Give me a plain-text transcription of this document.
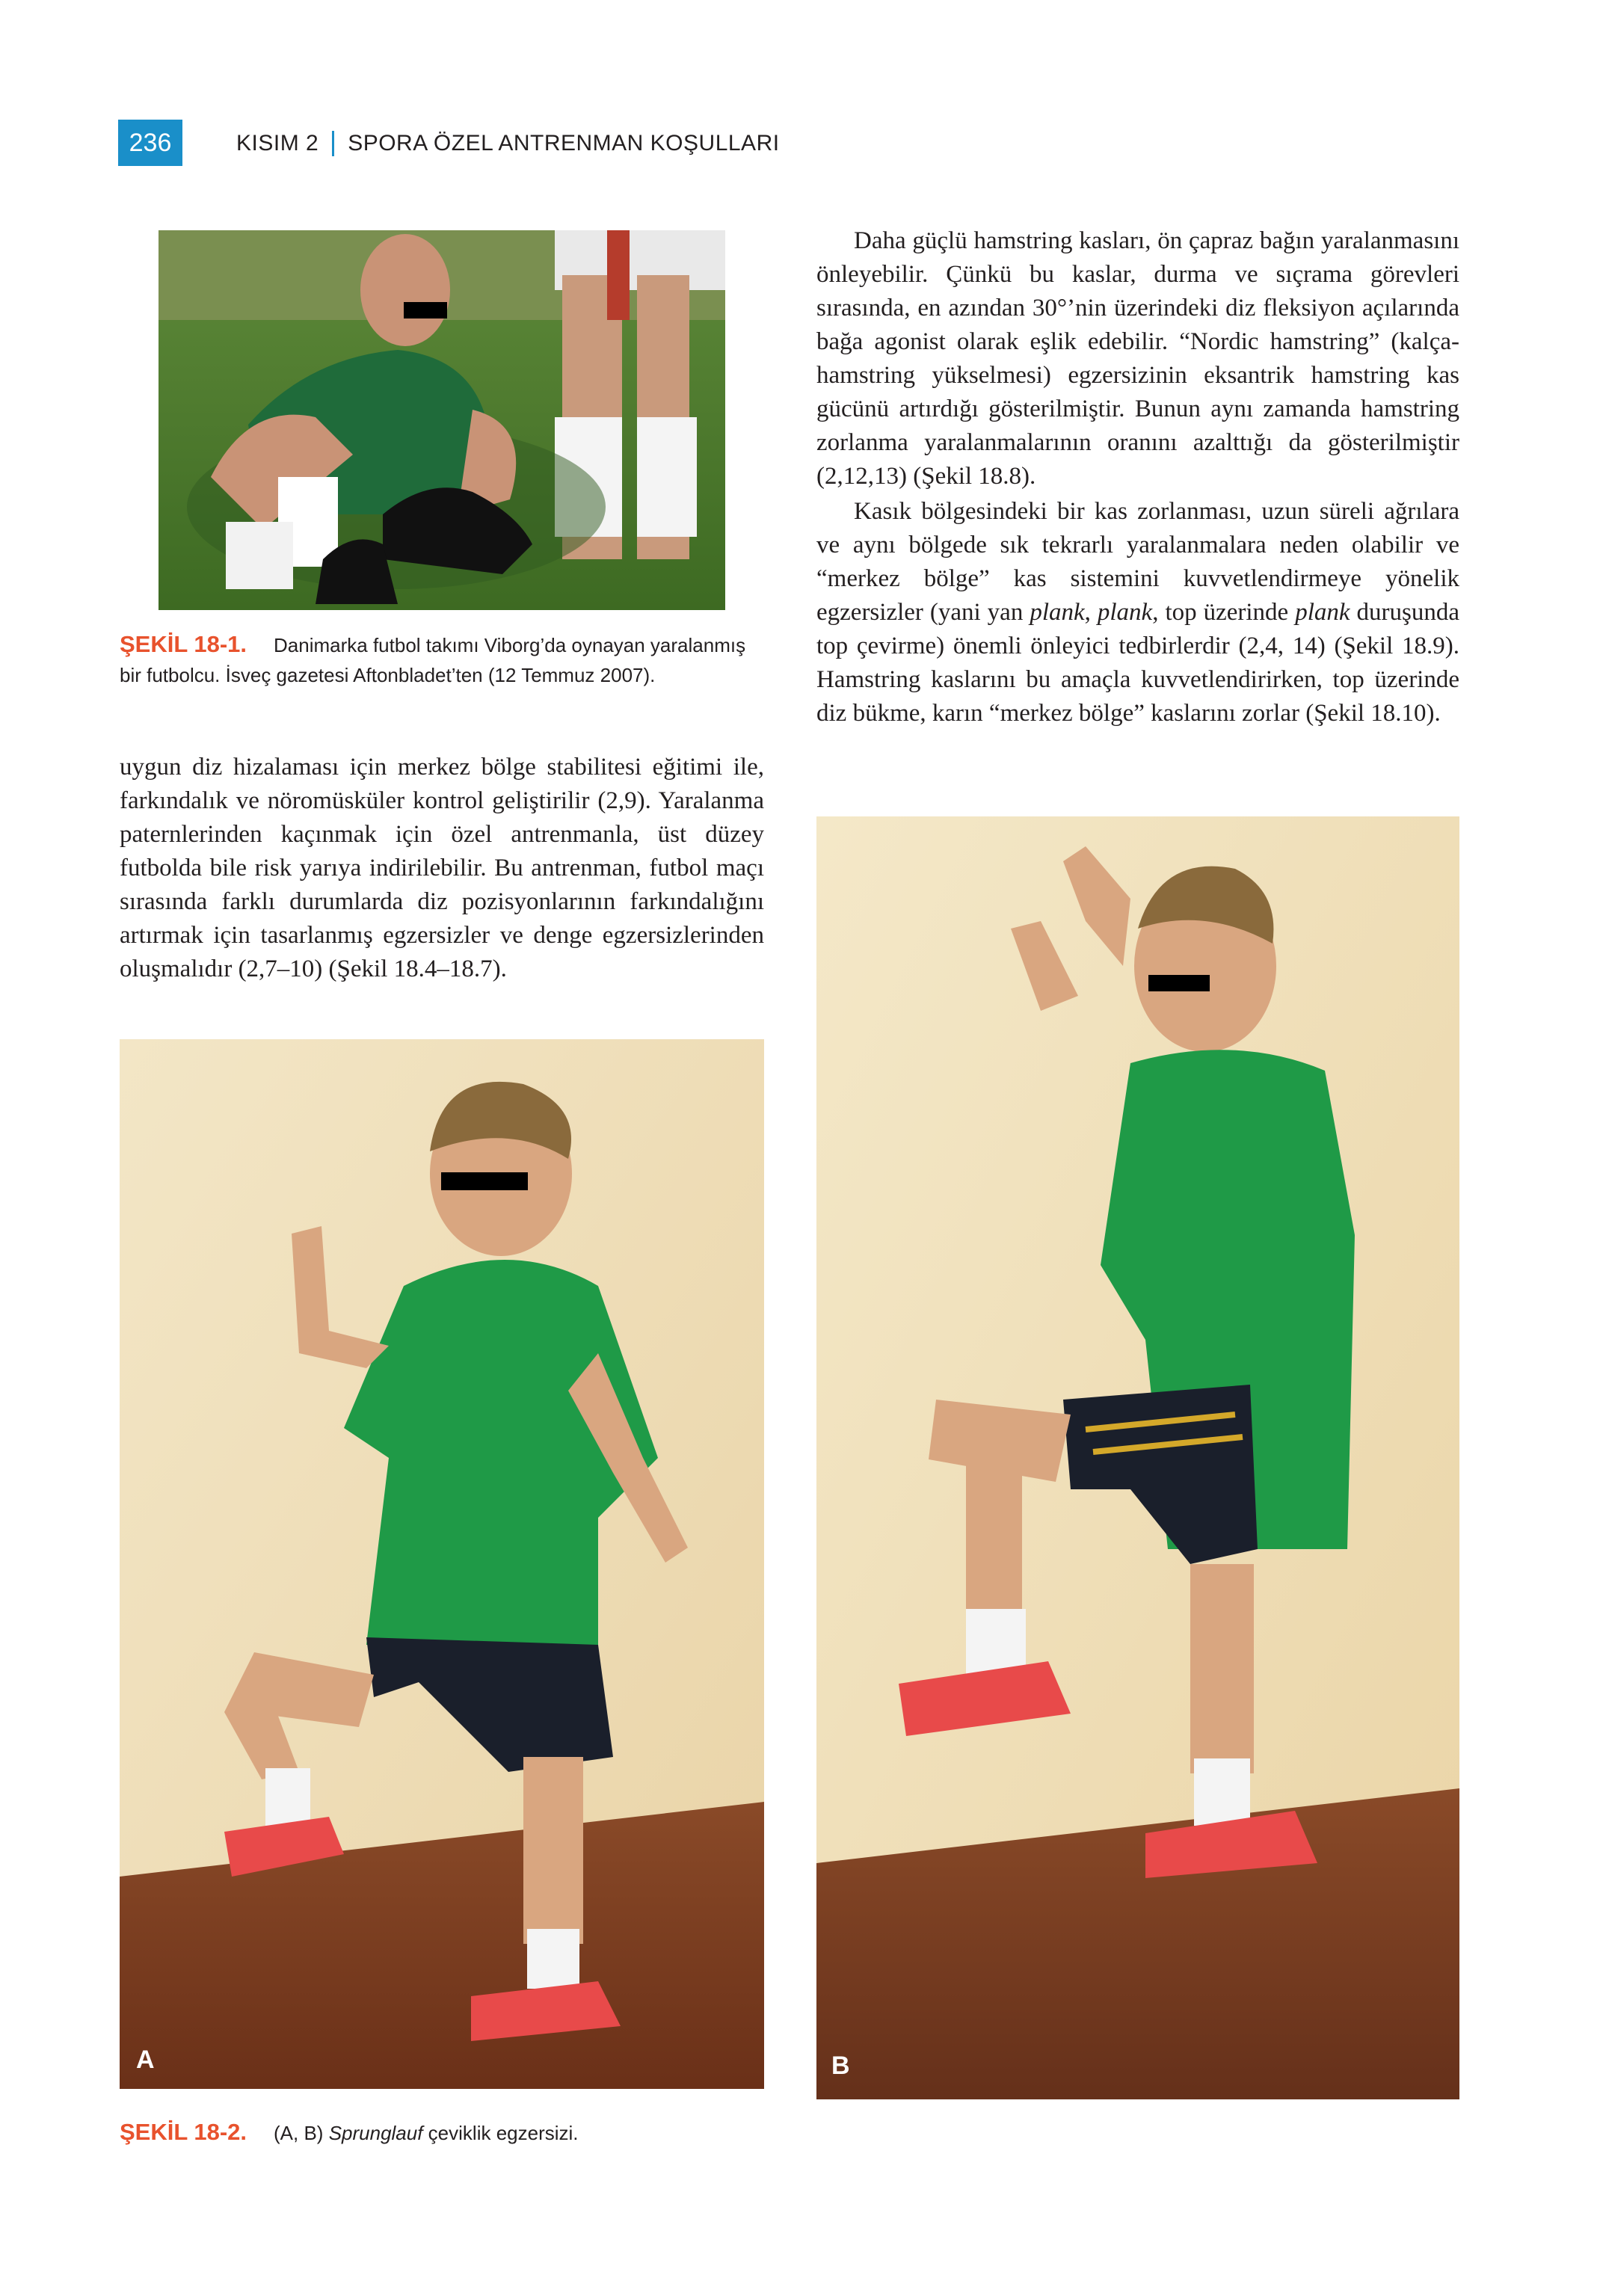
236	KISIM 2 SPORA ÖZEL ANTRENMAN KOŞULLARI
ŞEKİL 18-1. Danimarka futbol takımı Viborg’da oynayan yaralanmış bir futbolcu. İsveç gazetesi Aftonbladet’ten (12 Temmuz 2007).

uygun diz hizalaması için merkez bölge stabilitesi eğitimi ile, farkındalık ve nöromüsküler kontrol geliştirilir (2,9). Yaralanma paternlerinden kaçınmak için özel antrenmanla, üst düzey futbolda bile risk yarıya indirilebilir. Bu antrenman, futbol maçı sırasında farklı durumlarda diz pozisyonlarının farkındalığını artırmak için tasarlanmış egzersizler ve denge egzersizlerinden oluşmalıdır (2,7–10) (Şekil 18.4–18.7).

Daha güçlü hamstring kasları, ön çapraz bağın yaralanmasını önleyebilir. Çünkü bu kaslar, durma ve sıçrama görevleri sırasında, en azından 30°’nin üzerindeki diz fleksiyon açılarında bağa agonist olarak eşlik edebilir. “Nordic hamstring” (kalça-hamstring yükselmesi) egzersizinin eksantrik hamstring kas gücünü artırdığı gösterilmiştir. Bunun aynı zamanda hamstring zorlanma yaralanmalarının oranını azalttığı da gösterilmiştir (2,12,13) (Şekil 18.8).

Kasık bölgesindeki bir kas zorlanması, uzun süreli ağrılara ve aynı bölgede sık tekrarlı yaralanmalara neden olabilir ve “merkez bölge” kas sistemini kuvvetlendirmeye yönelik egzersizler (yani yan plank, plank, top üzerinde plank duruşunda top çevirme) önemli önleyici tedbirlerdir (2,4, 14) (Şekil 18.9). Hamstring kaslarını bu amaçla kuvvetlendirirken, top üzerinde diz bükme, karın “merkez bölge” kaslarını zorlar (Şekil 18.10).

A	B
ŞEKİL 18-2. (A, B) Sprunglauf çeviklik egzersizi.
